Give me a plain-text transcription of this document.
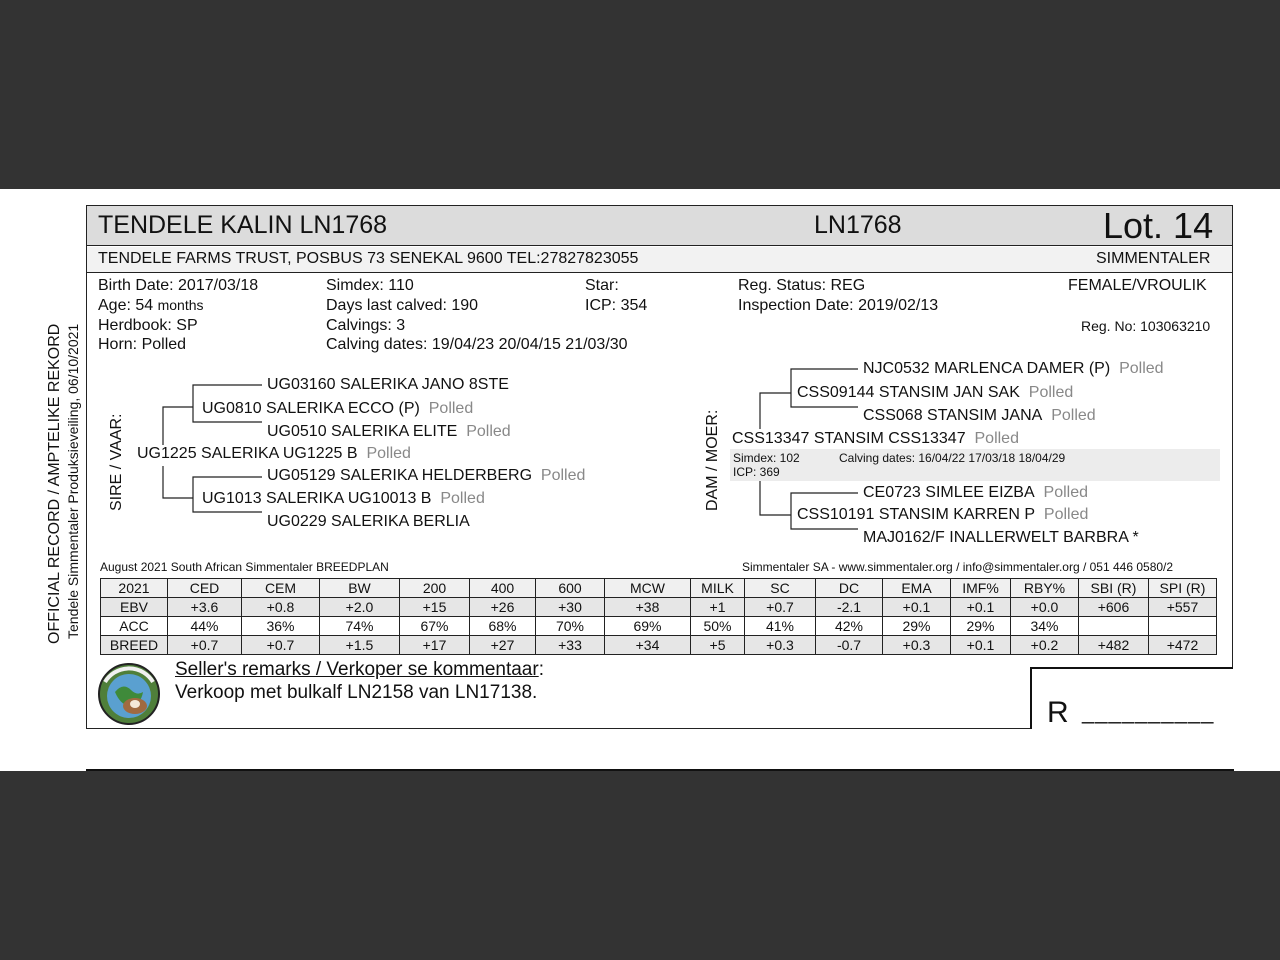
TENDELE KALIN LN1768	LN1768	Lot. 14
TENDELE FARMS TRUST, POSBUS 73 SENEKAL 9600 TEL:27827823055	SIMMENTALER
OFFICIAL RECORD / AMPTELIKE REKORD Tendele Simmentaler Produksieveiling, 06/10/2021
Birth Date: 2017/03/18
Age: 54 months
Herdbook: SP
Horn: Polled
Simdex: 110
Days last calved: 190
Calvings: 3
Calving dates: 19/04/23 20/04/15 21/03/30
Star:
ICP: 354
Reg. Status: REG
Inspection Date: 2019/02/13
FEMALE/VROULIK
Reg. No: 103063210
SIRE / VAAR:
UG03160 SALERIKA JANO 8STE
UG0810 SALERIKA ECCO (P) Polled
UG0510 SALERIKA ELITE Polled
UG1225 SALERIKA UG1225 B Polled
UG05129 SALERIKA HELDERBERG Polled
UG1013 SALERIKA UG10013 B Polled
UG0229 SALERIKA BERLIA
DAM / MOER:
NJC0532 MARLENCA DAMER (P) Polled
CSS09144 STANSIM JAN SAK Polled
CSS068 STANSIM JANA Polled
CSS13347 STANSIM CSS13347 Polled
Simdex: 102	Calving dates: 16/04/22 17/03/18 18/04/29
ICP: 369
CE0723 SIMLEE EIZBA Polled
CSS10191 STANSIM KARREN P Polled
MAJ0162/F INALLERWELT BARBRA *
August 2021 South African Simmentaler BREEDPLAN	Simmentaler SA - www.simmentaler.org / info@simmentaler.org / 051 446 0580/2
2021	CED	CEM	BW	200	400	600	MCW	MILK	SC	DC	EMA	IMF%	RBY%	SBI (R)	SPI (R)
EBV	+3.6	+0.8	+2.0	+15	+26	+30	+38	+1	+0.7	-2.1	+0.1	+0.1	+0.0	+606	+557
ACC	44%	36%	74%	67%	68%	70%	69%	50%	41%	42%	29%	29%	34%		
BREED	+0.7	+0.7	+1.5	+17	+27	+33	+34	+5	+0.3	-0.7	+0.3	+0.1	+0.2	+482	+472
Seller's remarks / Verkoper se kommentaar:
Verkoop met bulkalf LN2158 van LN17138.
R __________
